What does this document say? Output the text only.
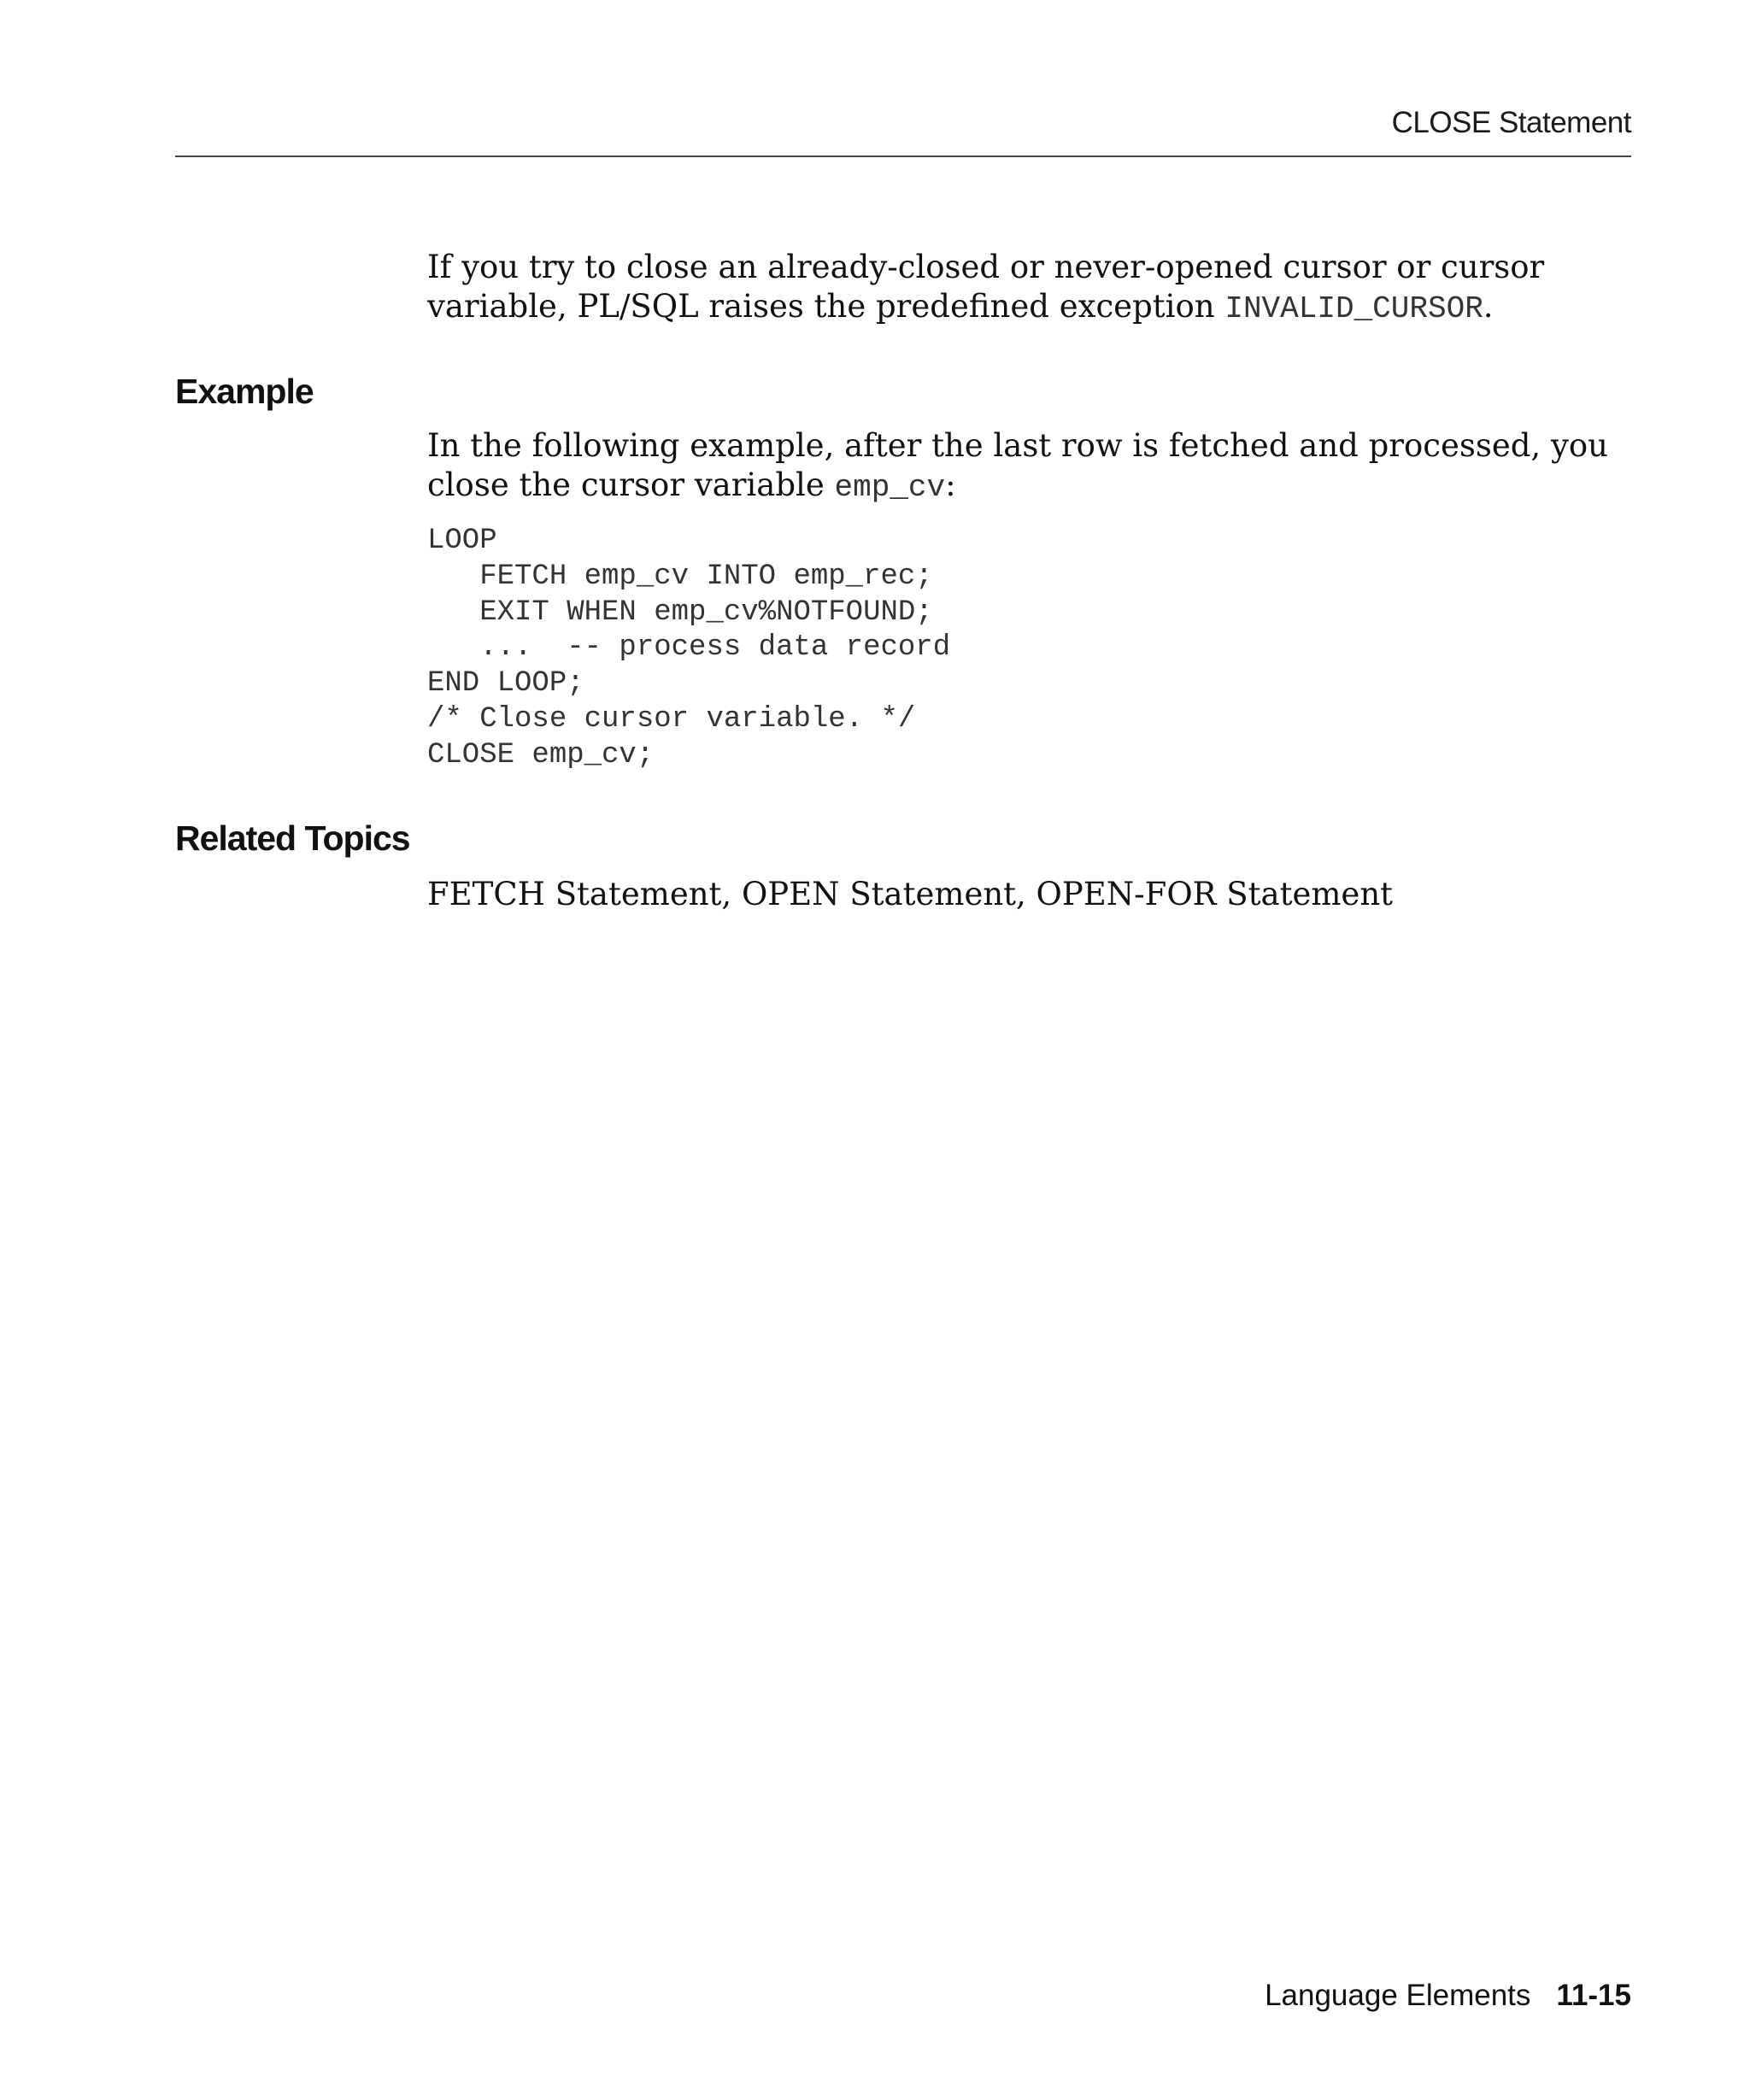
CLOSE Statement

If you try to close an already-closed or never-opened cursor or cursor variable, PL/SQL raises the predefined exception INVALID_CURSOR.

Example

In the following example, after the last row is fetched and processed, you close the cursor variable emp_cv:

LOOP
FETCH emp_cv INTO emp_rec;
EXIT WHEN emp_cv%NOTFOUND;
...  -- process data record
END LOOP;
/* Close cursor variable. */
CLOSE emp_cv;
Related Topics

FETCH Statement, OPEN Statement, OPEN-FOR Statement

Language Elements 11-15
